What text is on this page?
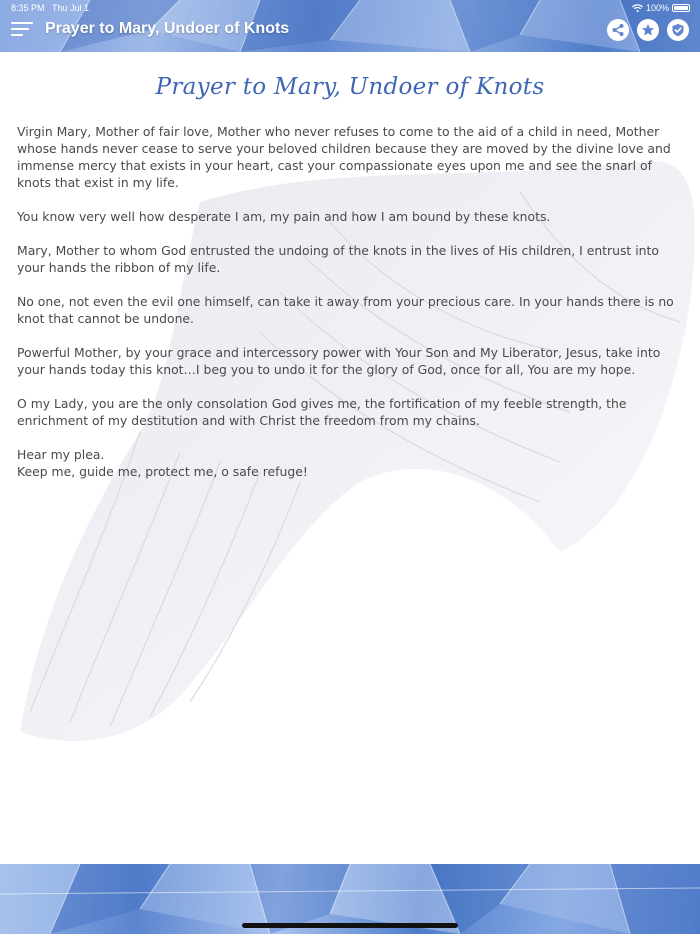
8:35 PM Thu Jul 1	100%
Prayer to Mary, Undoer of Knots
Prayer to Mary, Undoer of Knots

Virgin Mary, Mother of fair love, Mother who never refuses to come to the aid of a child in need, Mother whose hands never cease to serve your beloved children because they are moved by the divine love and immense mercy that exists in your heart, cast your compassionate eyes upon me and see the snarl of knots that exist in my life.

You know very well how desperate I am, my pain and how I am bound by these knots.

Mary, Mother to whom God entrusted the undoing of the knots in the lives of His children, I entrust into your hands the ribbon of my life.

No one, not even the evil one himself, can take it away from your precious care. In your hands there is no knot that cannot be undone.

Powerful Mother, by your grace and intercessory power with Your Son and My Liberator, Jesus, take into your hands today this knot…I beg you to undo it for the glory of God, once for all, You are my hope.

O my Lady, you are the only consolation God gives me, the fortification of my feeble strength, the enrichment of my destitution and with Christ the freedom from my chains.

Hear my plea.

Keep me, guide me, protect me, o safe refuge!
